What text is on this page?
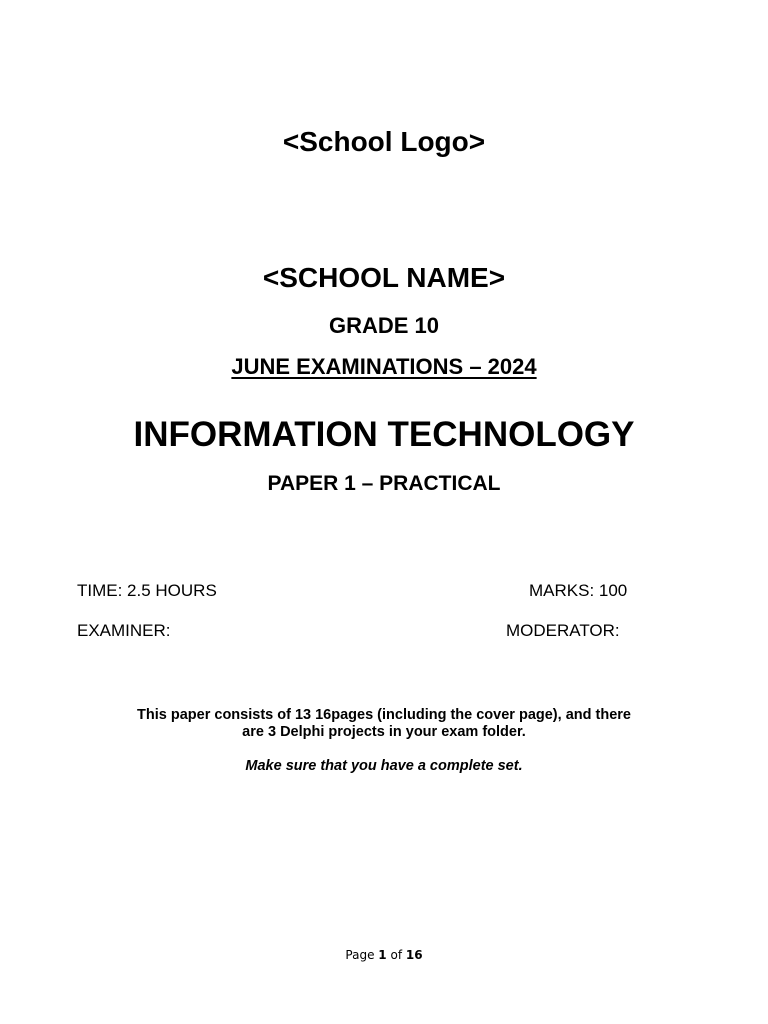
<School Logo>
<SCHOOL NAME>
GRADE 10
JUNE EXAMINATIONS – 2024
INFORMATION TECHNOLOGY
PAPER 1 – PRACTICAL
TIME: 2.5 HOURS	MARKS: 100
EXAMINER:	MODERATOR:
This paper consists of 13 16pages (including the cover page), and there
are 3 Delphi projects in your exam folder.
Make sure that you have a complete set.
Page 1 of 16
